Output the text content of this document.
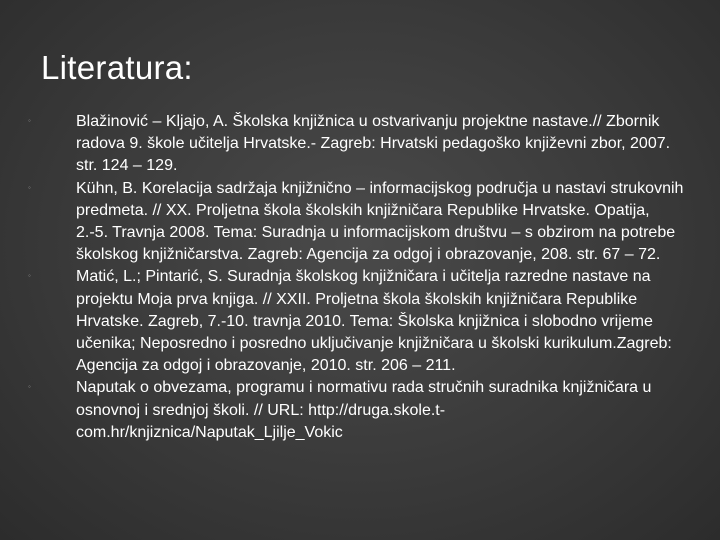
Literatura:
◦	Blažinović – Kljajo, A. Školska knjižnica u ostvarivanju projektne nastave.// Zbornik radova 9. škole učitelja Hrvatske.- Zagreb: Hrvatski pedagoško književni zbor, 2007. str. 124 – 129.
◦	Kühn, B. Korelacija sadržaja knjižnično – informacijskog područja u nastavi strukovnih predmeta. // XX. Proljetna škola školskih knjižničara Republike Hrvatske. Opatija, 2.-5. Travnja 2008. Tema: Suradnja u informacijskom društvu – s obzirom na potrebe školskog knjižničarstva. Zagreb: Agencija za odgoj i obrazovanje, 208. str. 67 – 72.
◦	Matić, L.; Pintarić, S. Suradnja školskog knjižničara i učitelja razredne nastave na projektu Moja prva knjiga. // XXII. Proljetna škola školskih knjižničara Republike Hrvatske. Zagreb, 7.-10. travnja 2010. Tema: Školska knjižnica i slobodno vrijeme učenika; Neposredno i posredno uključivanje knjižničara u školski kurikulum.Zagreb: Agencija za odgoj i obrazovanje, 2010. str. 206 – 211.
◦	Naputak o obvezama, programu i normativu rada stručnih suradnika knjižničara u osnovnoj i srednjoj školi. // URL: http://druga.skole.t-com.hr/knjiznica/Naputak_Ljilje_Vokic
